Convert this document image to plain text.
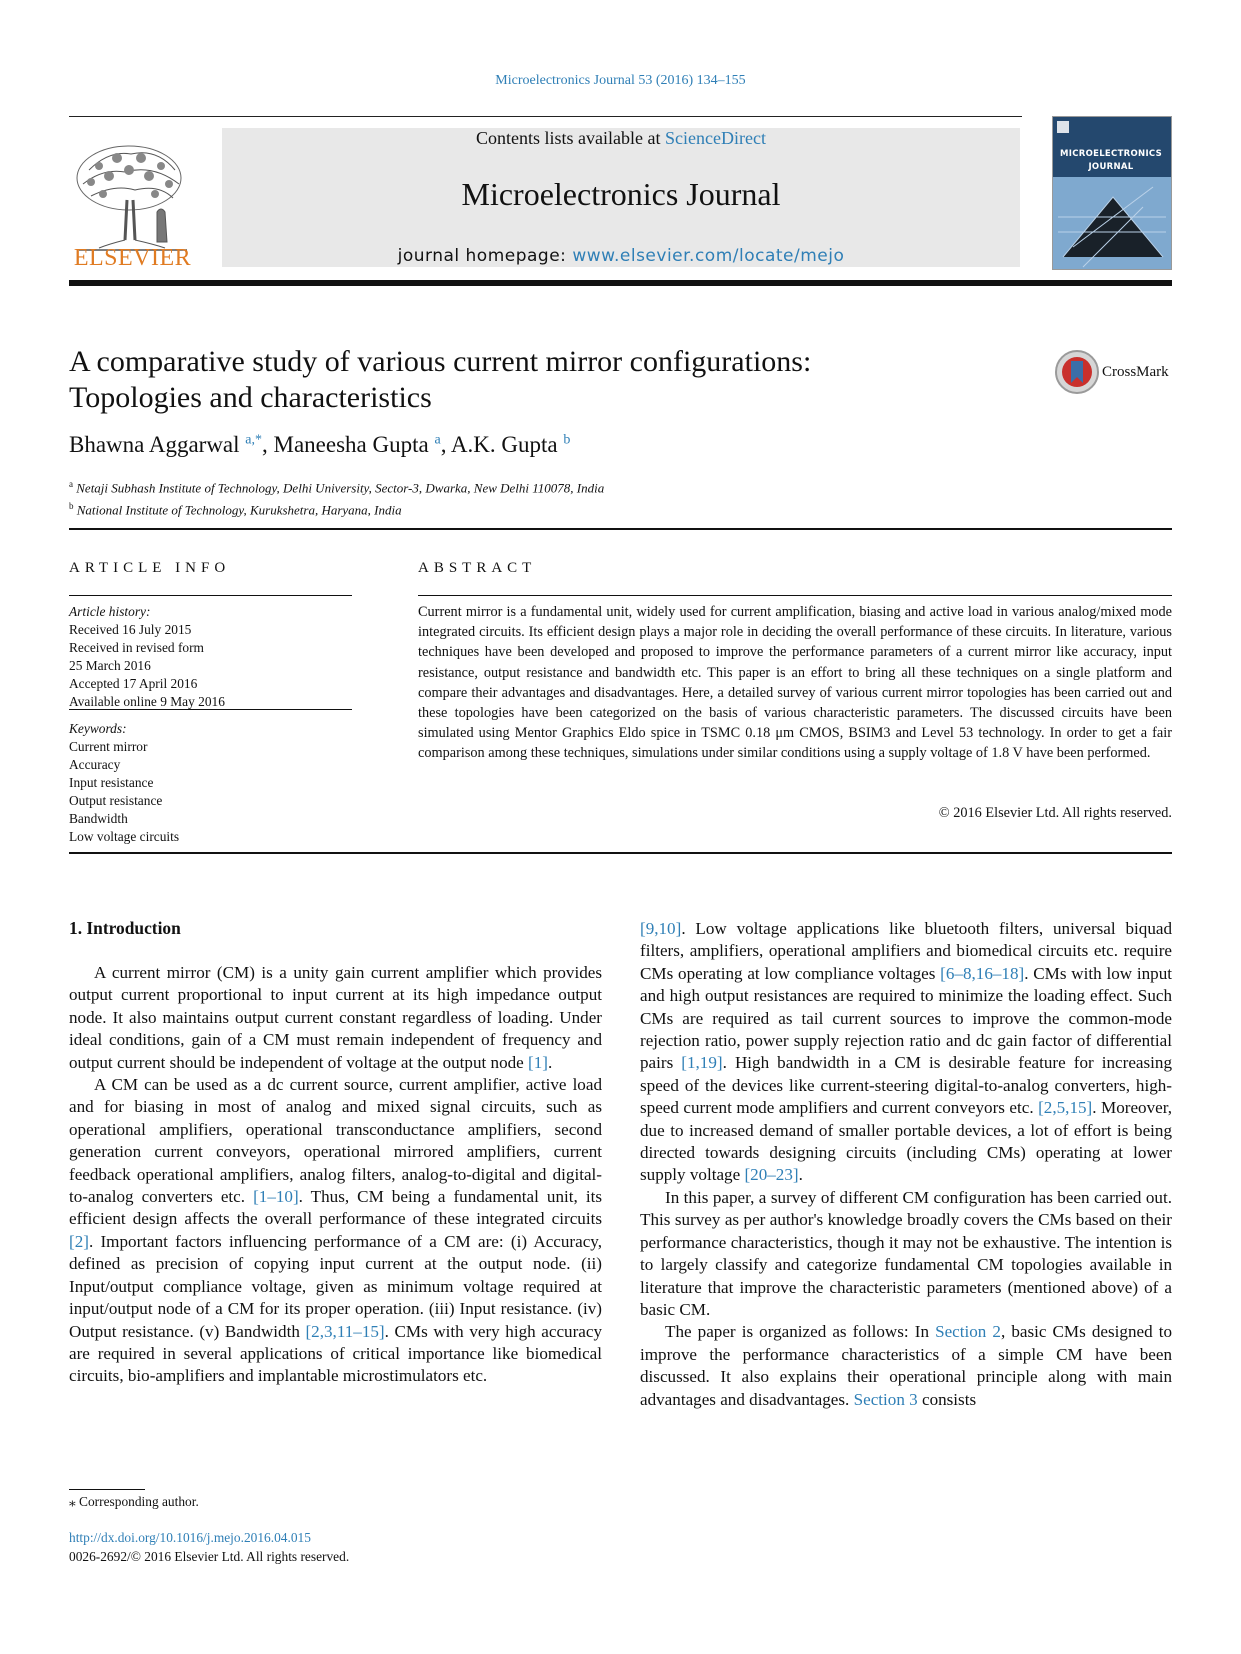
Microelectronics Journal 53 (2016) 134–155
ELSEVIER
Contents lists available at ScienceDirect
Microelectronics Journal
journal homepage: www.elsevier.com/locate/mejo
MICROELECTRONICS
JOURNAL
A comparative study of various current mirror configurations:
Topologies and characteristics
CrossMark
Bhawna Aggarwal $^{a,*}$, Maneesha Gupta $^a$, A.K. Gupta $^b$
$^a$ Netaji Subhash Institute of Technology, Delhi University, Sector-3, Dwarka, New Delhi 110078, India
$^b$ National Institute of Technology, Kurukshetra, Haryana, India
ARTICLE INFO
Article history:
Received 16 July 2015
Received in revised form
25 March 2016
Accepted 17 April 2016
Available online 9 May 2016
Keywords:
Current mirror
Accuracy
Input resistance
Output resistance
Bandwidth
Low voltage circuits
ABSTRACT
Current mirror is a fundamental unit, widely used for current amplification, biasing and active load in various analog/mixed mode integrated circuits. Its efficient design plays a major role in deciding the overall performance of these circuits. In literature, various techniques have been developed and proposed to improve the performance parameters of a current mirror like accuracy, input resistance, output resistance and bandwidth etc. This paper is an effort to bring all these techniques on a single platform and compare their advantages and disadvantages. Here, a detailed survey of various current mirror topologies has been carried out and these topologies have been categorized on the basis of various characteristic parameters. The discussed circuits have been simulated using Mentor Graphics Eldo spice in TSMC 0.18 μm CMOS, BSIM3 and Level 53 technology. In order to get a fair comparison among these techniques, simulations under similar conditions using a supply voltage of 1.8 V have been performed.
© 2016 Elsevier Ltd. All rights reserved.
1. Introduction

A current mirror (CM) is a unity gain current amplifier which provides output current proportional to input current at its high impedance output node. It also maintains output current constant regardless of loading. Under ideal conditions, gain of a CM must remain independent of frequency and output current should be independent of voltage at the output node [1].

A CM can be used as a dc current source, current amplifier, active load and for biasing in most of analog and mixed signal circuits, such as operational amplifiers, operational transconductance amplifiers, second generation current conveyors, operational mirrored amplifiers, current feedback operational amplifiers, analog filters, analog-to-digital and digital-to-analog converters etc. [1–10]. Thus, CM being a fundamental unit, its efficient design affects the overall performance of these integrated circuits [2]. Important factors influencing performance of a CM are: (i) Accuracy, defined as precision of copying input current at the output node. (ii) Input/output compliance voltage, given as minimum voltage required at input/output node of a CM for its proper operation. (iii) Input resistance. (iv) Output resistance. (v) Bandwidth [2,3,11–15]. CMs with very high accuracy are required in several applications of critical importance like biomedical circuits, bio-amplifiers and implantable microstimulators etc.

[9,10]. Low voltage applications like bluetooth filters, universal biquad filters, amplifiers, operational amplifiers and biomedical circuits etc. require CMs operating at low compliance voltages [6–8,16–18]. CMs with low input and high output resistances are required to minimize the loading effect. Such CMs are required as tail current sources to improve the common-mode rejection ratio, power supply rejection ratio and dc gain factor of differential pairs [1,19]. High bandwidth in a CM is desirable feature for increasing speed of the devices like current-steering digital-to-analog converters, high-speed current mode amplifiers and current conveyors etc. [2,5,15]. Moreover, due to increased demand of smaller portable devices, a lot of effort is being directed towards designing circuits (including CMs) operating at lower supply voltage [20–23].

In this paper, a survey of different CM configuration has been carried out. This survey as per author's knowledge broadly covers the CMs based on their performance characteristics, though it may not be exhaustive. The intention is to largely classify and categorize fundamental CM topologies available in literature that improve the characteristic parameters (mentioned above) of a basic CM.

The paper is organized as follows: In Section 2, basic CMs designed to improve the performance characteristics of a simple CM have been discussed. It also explains their operational principle along with main advantages and disadvantages. Section 3 consists

⁎ Corresponding author.
http://dx.doi.org/10.1016/j.mejo.2016.04.015
0026-2692/© 2016 Elsevier Ltd. All rights reserved.
